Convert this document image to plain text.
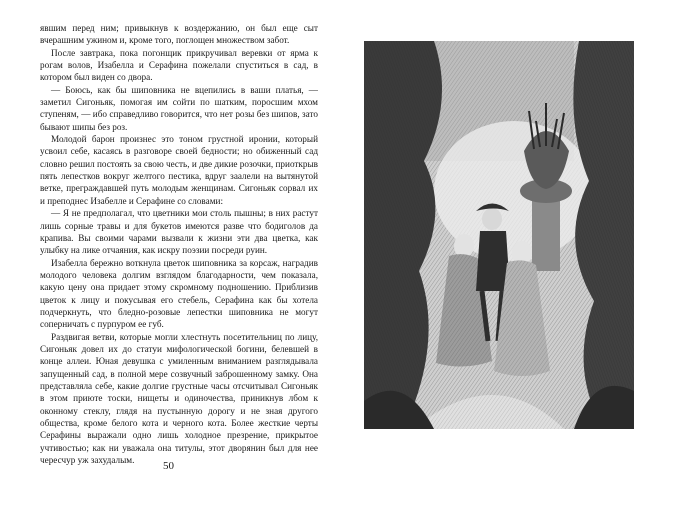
явшим перед ним; привыкнув к воздержанию, он был еще сыт вчерашним ужином и, кроме того, поглощен множеством забот.

После завтрака, пока погонщик прикручивал веревки от ярма к рогам волов, Изабелла и Серафина пожелали спуститься в сад, в котором был виден со двора.

— Боюсь, как бы шиповника не вцепились в ваши платья, — заметил Сигоньяк, помогая им сойти по шатким, поросшим мхом ступеням, — ибо справедливо говорится, что нет розы без шипов, зато бывают шипы без роз.

Молодой барон произнес это тоном грустной иронии, который усвоил себе, касаясь в разговоре своей бедности; но обиженный сад словно решил постоять за свою честь, и две дикие розочки, приоткрыв пять лепестков вокруг желтого пестика, вдруг заалели на вытянутой ветке, преграждавшей путь молодым женщинам. Сигоньяк сорвал их и преподнес Изабелле и Серафине со словами:

— Я не предполагал, что цветники мои столь пышны; в них растут лишь сорные травы и для букетов имеются разве что бодиголов да крапива. Вы своими чарами вызвали к жизни эти два цветка, как улыбку на лике отчаяния, как искру поэзии посреди руин.

Изабелла бережно воткнула цветок шиповника за корсаж, наградив молодого человека долгим взглядом благодарности, чем показала, какую цену она придает этому скромному подношению. Приблизив цветок к лицу и покусывая его стебель, Серафина как бы хотела подчеркнуть, что бледно-розовые лепестки шиповника не могут соперничать с пурпуром ее губ.

Раздвигая ветви, которые могли хлестнуть посетительниц по лицу, Сигоньяк довел их до статуи мифологической богини, белевшей в конце аллеи. Юная девушка с умиленным вниманием разглядывала запущенный сад, в полной мере созвучный заброшенному замку. Она представляла себе, какие долгие грустные часы отсчитывал Сигоньяк в этом приюте тоски, нищеты и одиночества, приникнув лбом к оконному стеклу, глядя на пустынную дорогу и не зная другого общества, кроме белого кота и черного кота. Более жесткие черты Серафины выражали одно лишь холодное презрение, прикрытое учтивостью; как ни уважала она титулы, этот дворянин был для нее чересчур уж захудалым.	50
